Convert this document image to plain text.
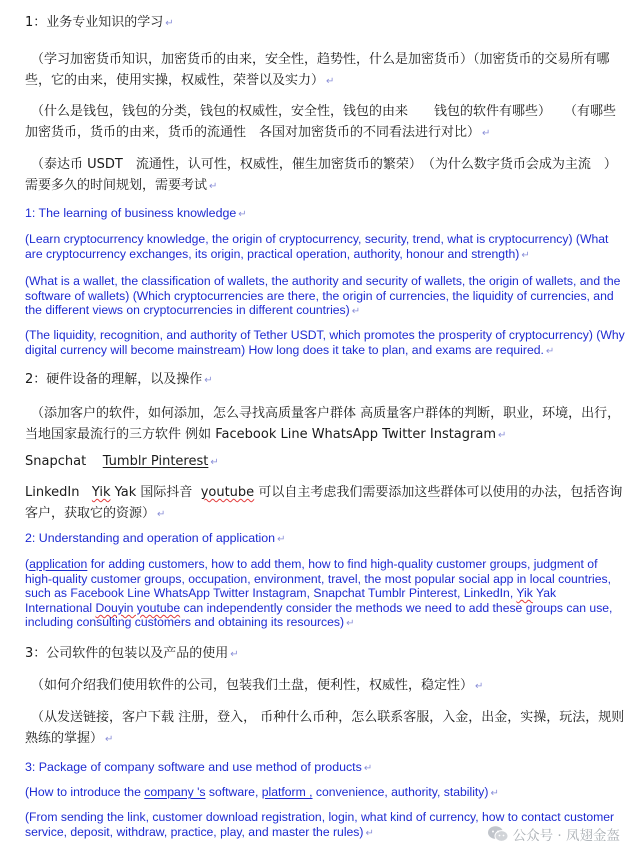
1：业务专业知识的学习 ↵

（学习加密货币知识，加密货币的由来，安全性，趋势性，什么是加密货币）（加密货币的交易所有哪些，它的由来，使用实操，权威性，荣誉以及实力） ↵

（什么是钱包，钱包的分类，钱包的权威性，安全性，钱包的由来　　钱包的软件有哪些）　　（有哪些加密货币，货币的由来，货币的流通性　各国对加密货币的不同看法进行对比） ↵

（泰达币 USDT　流通性，认可性，权威性，催生加密货币的繁荣）　（为什么数字货币会成为主流　）　需要多久的时间规划，需要考试 ↵

1: The learning of business knowledge ↵

(Learn cryptocurrency knowledge, the origin of cryptocurrency, security, trend, what is cryptocurrency) (What are cryptocurrency exchanges, its origin, practical operation, authority, honour and strength) ↵

(What is a wallet, the classification of wallets, the authority and security of wallets, the origin of wallets, and the software of wallets) (Which cryptocurrencies are there, the origin of currencies, the liquidity of currencies, and the different views on cryptocurrencies in different countries) ↵

(The liquidity, recognition, and authority of Tether USDT, which promotes the prosperity of cryptocurrency) (Why digital currency will become mainstream) How long does it take to plan, and exams are required. ↵

2：硬件设备的理解，以及操作 ↵

（添加客户的软件，如何添加，怎么寻找高质量客户群体 高质量客户群体的判断，职业，环境，出行，当地国家最流行的三方软件 例如 Facebook Line WhatsApp Twitter Instagram ↵

Snapchat Tumblr Pinterest ↵

LinkedIn Yik Yak 国际抖音 youtube 可以自主考虑我们需要添加这些群体可以使用的办法，包括咨询客户，获取它的资源） ↵

2: Understanding and operation of application ↵

(application for adding customers, how to add them, how to find high-quality customer groups, judgment of high-quality customer groups, occupation, environment, travel, the most popular social app in local countries, such as Facebook Line WhatsApp Twitter Instagram, Snapchat Tumblr Pinterest, LinkedIn, Yik Yak International Douyin youtube can independently consider the methods we need to add these groups can use, including consulting customers and obtaining its resources) ↵

3：公司软件的包装以及产品的使用 ↵

（如何介绍我们使用软件的公司，包装我们土盘，便利性，权威性，稳定性） ↵

（从发送链接，客户下载 注册，登入， 币种什么币种，怎么联系客服，入金，出金，实操，玩法，规则熟练的掌握） ↵

3: Package of company software and use method of products ↵

(How to introduce the company 's software, platform , convenience, authority, stability) ↵

(From sending the link, customer download registration, login, what kind of currency, how to contact customer service, deposit, withdraw, practice, play, and master the rules) ↵	公众号 · 凤翅金盔
